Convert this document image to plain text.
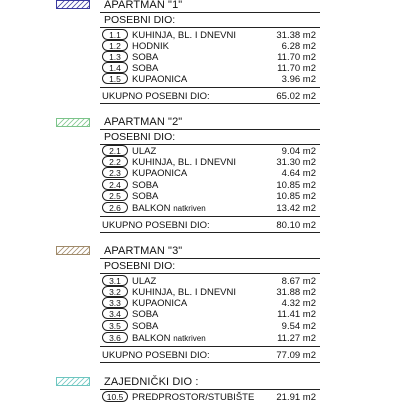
APARTMAN "1"
POSEBNI DIO:
1.1	KUHINJA, BL. I DNEVNI	31.38 m2
1.2	HODNIK	6.28 m2
1.3	SOBA	11.70 m2
1.4	SOBA	11.70 m2
1.5	KUPAONICA	3.96 m2
UKUPNO POSEBNI DIO:	65.02 m2
APARTMAN "2"
POSEBNI DIO:
2.1	ULAZ	9.04 m2
2.2	KUHINJA, BL. I DNEVNI	31.30 m2
2.3	KUPAONICA	4.64 m2
2.4	SOBA	10.85 m2
2.5	SOBA	10.85 m2
2.6	BALKON natkriven	13.42 m2
UKUPNO POSEBNI DIO:	80.10 m2
APARTMAN "3"
POSEBNI DIO:
3.1	ULAZ	8.67 m2
3.2	KUHINJA, BL. I DNEVNI	31.88 m2
3.3	KUPAONICA	4.32 m2
3.4	SOBA	11.41 m2
3.5	SOBA	9.54 m2
3.6	BALKON natkriven	11.27 m2
UKUPNO POSEBNI DIO:	77.09 m2
ZAJEDNIČKI DIO :
10.5 PREDPROSTOR/STUBIŠTE 21.91 m2
